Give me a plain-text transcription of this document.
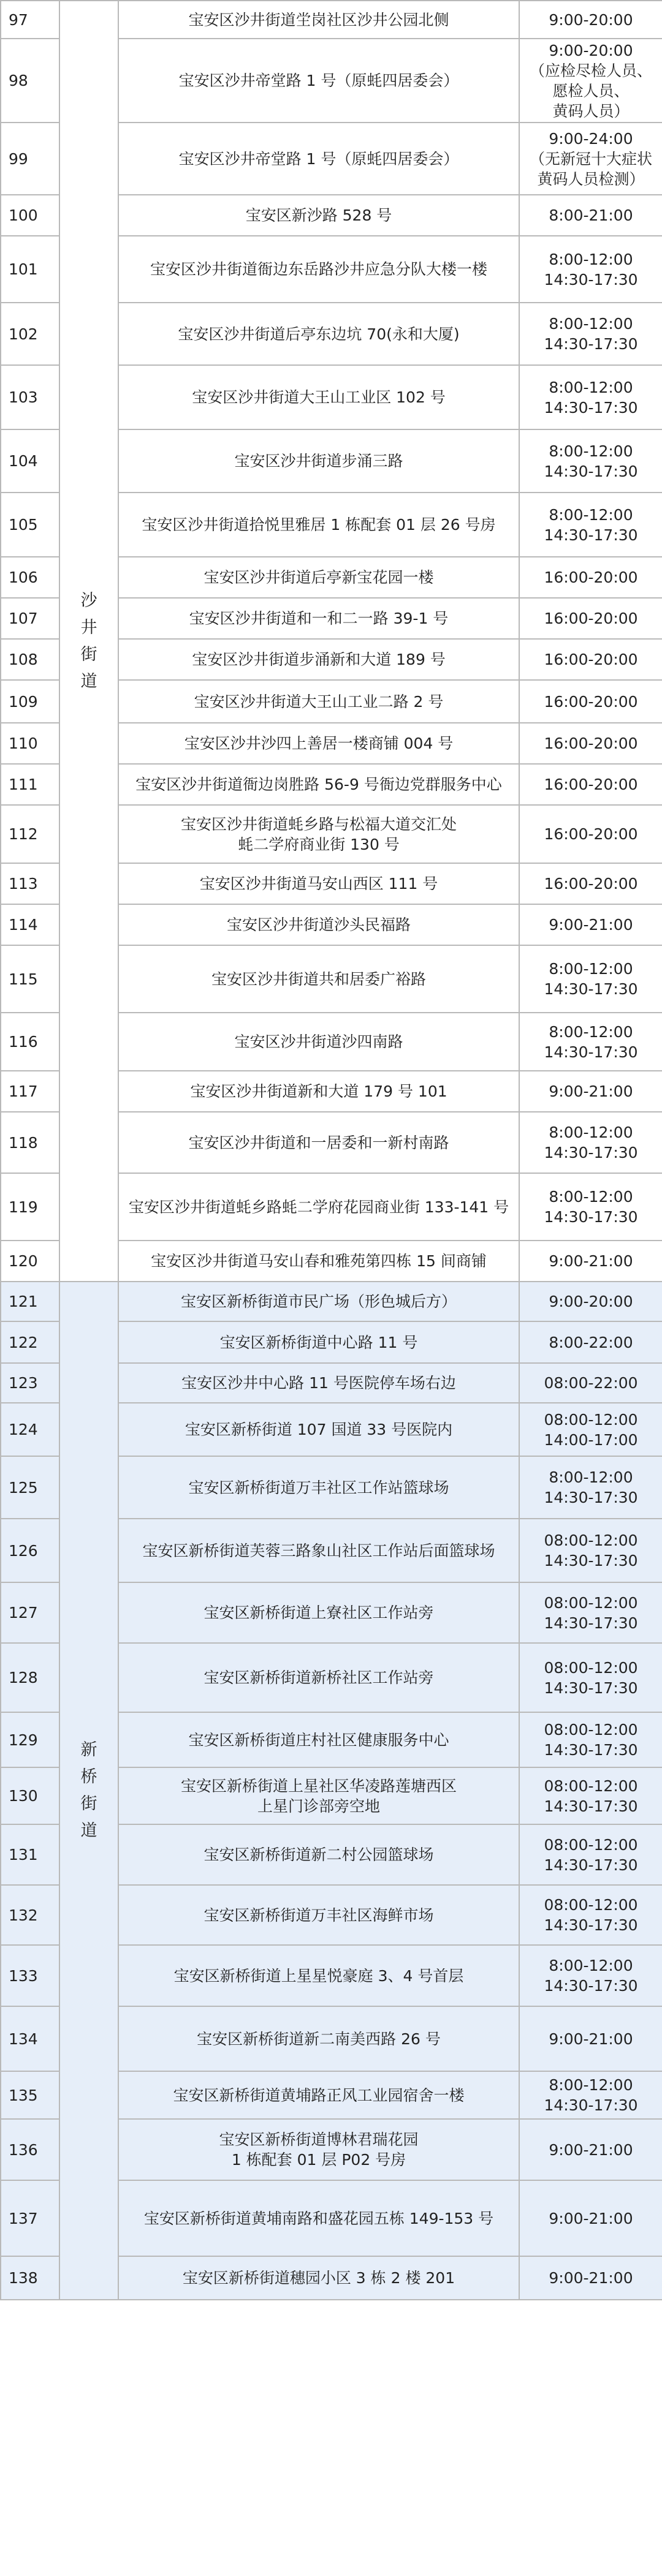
97	沙井街道	宝安区沙井街道坣岗社区沙井公园北侧	9:00-20:00
98		宝安区沙井帝堂路 1 号（原蚝四居委会）	9:00-20:00
（应检尽检人员、
愿检人员、
黄码人员）
99		宝安区沙井帝堂路 1 号（原蚝四居委会）	9:00-24:00
（无新冠十大症状
黄码人员检测）
100		宝安区新沙路 528 号	8:00-21:00
101		宝安区沙井街道衙边东岳路沙井应急分队大楼一楼	8:00-12:00
14:30-17:30
102		宝安区沙井街道后亭东边坑 70(永和大厦)	8:00-12:00
14:30-17:30
103		宝安区沙井街道大王山工业区 102 号	8:00-12:00
14:30-17:30
104		宝安区沙井街道步涌三路	8:00-12:00
14:30-17:30
105		宝安区沙井街道拾悦里雅居 1 栋配套 01 层 26 号房	8:00-12:00
14:30-17:30
106		宝安区沙井街道后亭新宝花园一楼	16:00-20:00
107		宝安区沙井街道和一和二一路 39-1 号	16:00-20:00
108		宝安区沙井街道步涌新和大道 189 号	16:00-20:00
109		宝安区沙井街道大王山工业二路 2 号	16:00-20:00
110		宝安区沙井沙四上善居一楼商铺 004 号	16:00-20:00
111		宝安区沙井街道衙边岗胜路 56-9 号衙边党群服务中心	16:00-20:00
112		宝安区沙井街道蚝乡路与松福大道交汇处
蚝二学府商业街 130 号	16:00-20:00
113		宝安区沙井街道马安山西区 111 号	16:00-20:00
114		宝安区沙井街道沙头民福路	9:00-21:00
115		宝安区沙井街道共和居委广裕路	8:00-12:00
14:30-17:30
116		宝安区沙井街道沙四南路	8:00-12:00
14:30-17:30
117		宝安区沙井街道新和大道 179 号 101	9:00-21:00
118		宝安区沙井街道和一居委和一新村南路	8:00-12:00
14:30-17:30
119		宝安区沙井街道蚝乡路蚝二学府花园商业街 133-141 号	8:00-12:00
14:30-17:30
120		宝安区沙井街道马安山春和雅苑第四栋 15 间商铺	9:00-21:00
121	新桥街道	宝安区新桥街道市民广场（形色城后方）	9:00-20:00
122		宝安区新桥街道中心路 11 号	8:00-22:00
123		宝安区沙井中心路 11 号医院停车场右边	08:00-22:00
124		宝安区新桥街道 107 国道 33 号医院内	08:00-12:00
14:00-17:00
125		宝安区新桥街道万丰社区工作站篮球场	8:00-12:00
14:30-17:30
126		宝安区新桥街道芙蓉三路象山社区工作站后面篮球场	08:00-12:00
14:30-17:30
127		宝安区新桥街道上寮社区工作站旁	08:00-12:00
14:30-17:30
128		宝安区新桥街道新桥社区工作站旁	08:00-12:00
14:30-17:30
129		宝安区新桥街道庄村社区健康服务中心	08:00-12:00
14:30-17:30
130		宝安区新桥街道上星社区华凌路莲塘西区
上星门诊部旁空地	08:00-12:00
14:30-17:30
131		宝安区新桥街道新二村公园篮球场	08:00-12:00
14:30-17:30
132		宝安区新桥街道万丰社区海鲜市场	08:00-12:00
14:30-17:30
133		宝安区新桥街道上星星悦豪庭 3、4 号首层	8:00-12:00
14:30-17:30
134		宝安区新桥街道新二南美西路 26 号	9:00-21:00
135		宝安区新桥街道黄埔路正风工业园宿舍一楼	8:00-12:00
14:30-17:30
136		宝安区新桥街道博林君瑞花园
1 栋配套 01 层 P02 号房	9:00-21:00
137		宝安区新桥街道黄埔南路和盛花园五栋 149-153 号	9:00-21:00
138		宝安区新桥街道穗园小区 3 栋 2 楼 201	9:00-21:00
